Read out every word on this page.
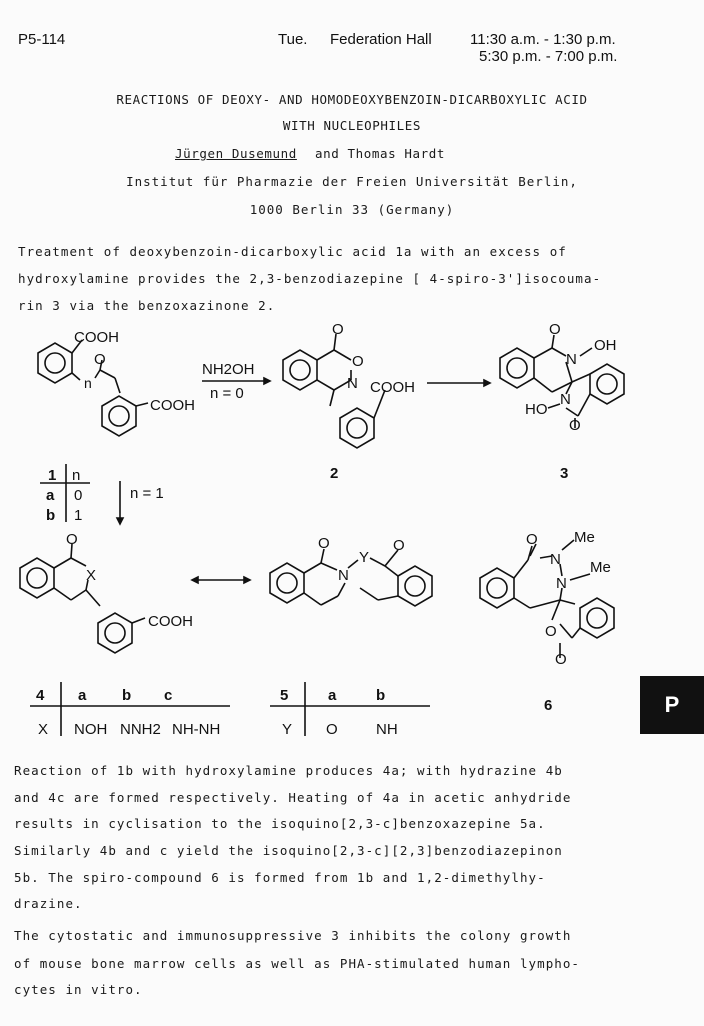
P5-114	Tue. Federation Hall	11:30 a.m. - 1:30 p.m.
5:30 p.m. - 7:00 p.m.
REACTIONS OF DEOXY- AND HOMODEOXYBENZOIN-DICARBOXYLIC ACID
WITH NUCLEOPHILES
Jürgen Dusemund and Thomas Hardt
Institut für Pharmazie der Freien Universität Berlin,
1000 Berlin 33 (Germany)
Treatment of deoxybenzoin-dicarboxylic acid 1a with an excess of
hydroxylamine provides the 2,3-benzodiazepine [ 4-spiro-3']isocouma-
rin 3 via the benzoxazinone 2.
COOH
O
n
COOH
NH2OH
n = 0
O
O
N COOH
2
O
N
OH
N
HO
O
3
1 n
a 0
b 1
n = 1
O
X
COOH
O
N
Y
O	O
N
Me
N
Me
O
O
6
4 a b c
X NOH NNH2 NH-NH
5	a	b
Y O	NH
P
Reaction of 1b with hydroxylamine produces 4a; with hydrazine 4b
and 4c are formed respectively. Heating of 4a in acetic anhydride
results in cyclisation to the isoquino[2,3-c]benzoxazepine 5a.
Similarly 4b and c yield the isoquino[2,3-c][2,3]benzodiazepinon
5b. The spiro-compound 6 is formed from 1b and 1,2-dimethylhy-
drazine.
The cytostatic and immunosuppressive 3 inhibits the colony growth
of mouse bone marrow cells as well as PHA-stimulated human lympho-
cytes in vitro.
